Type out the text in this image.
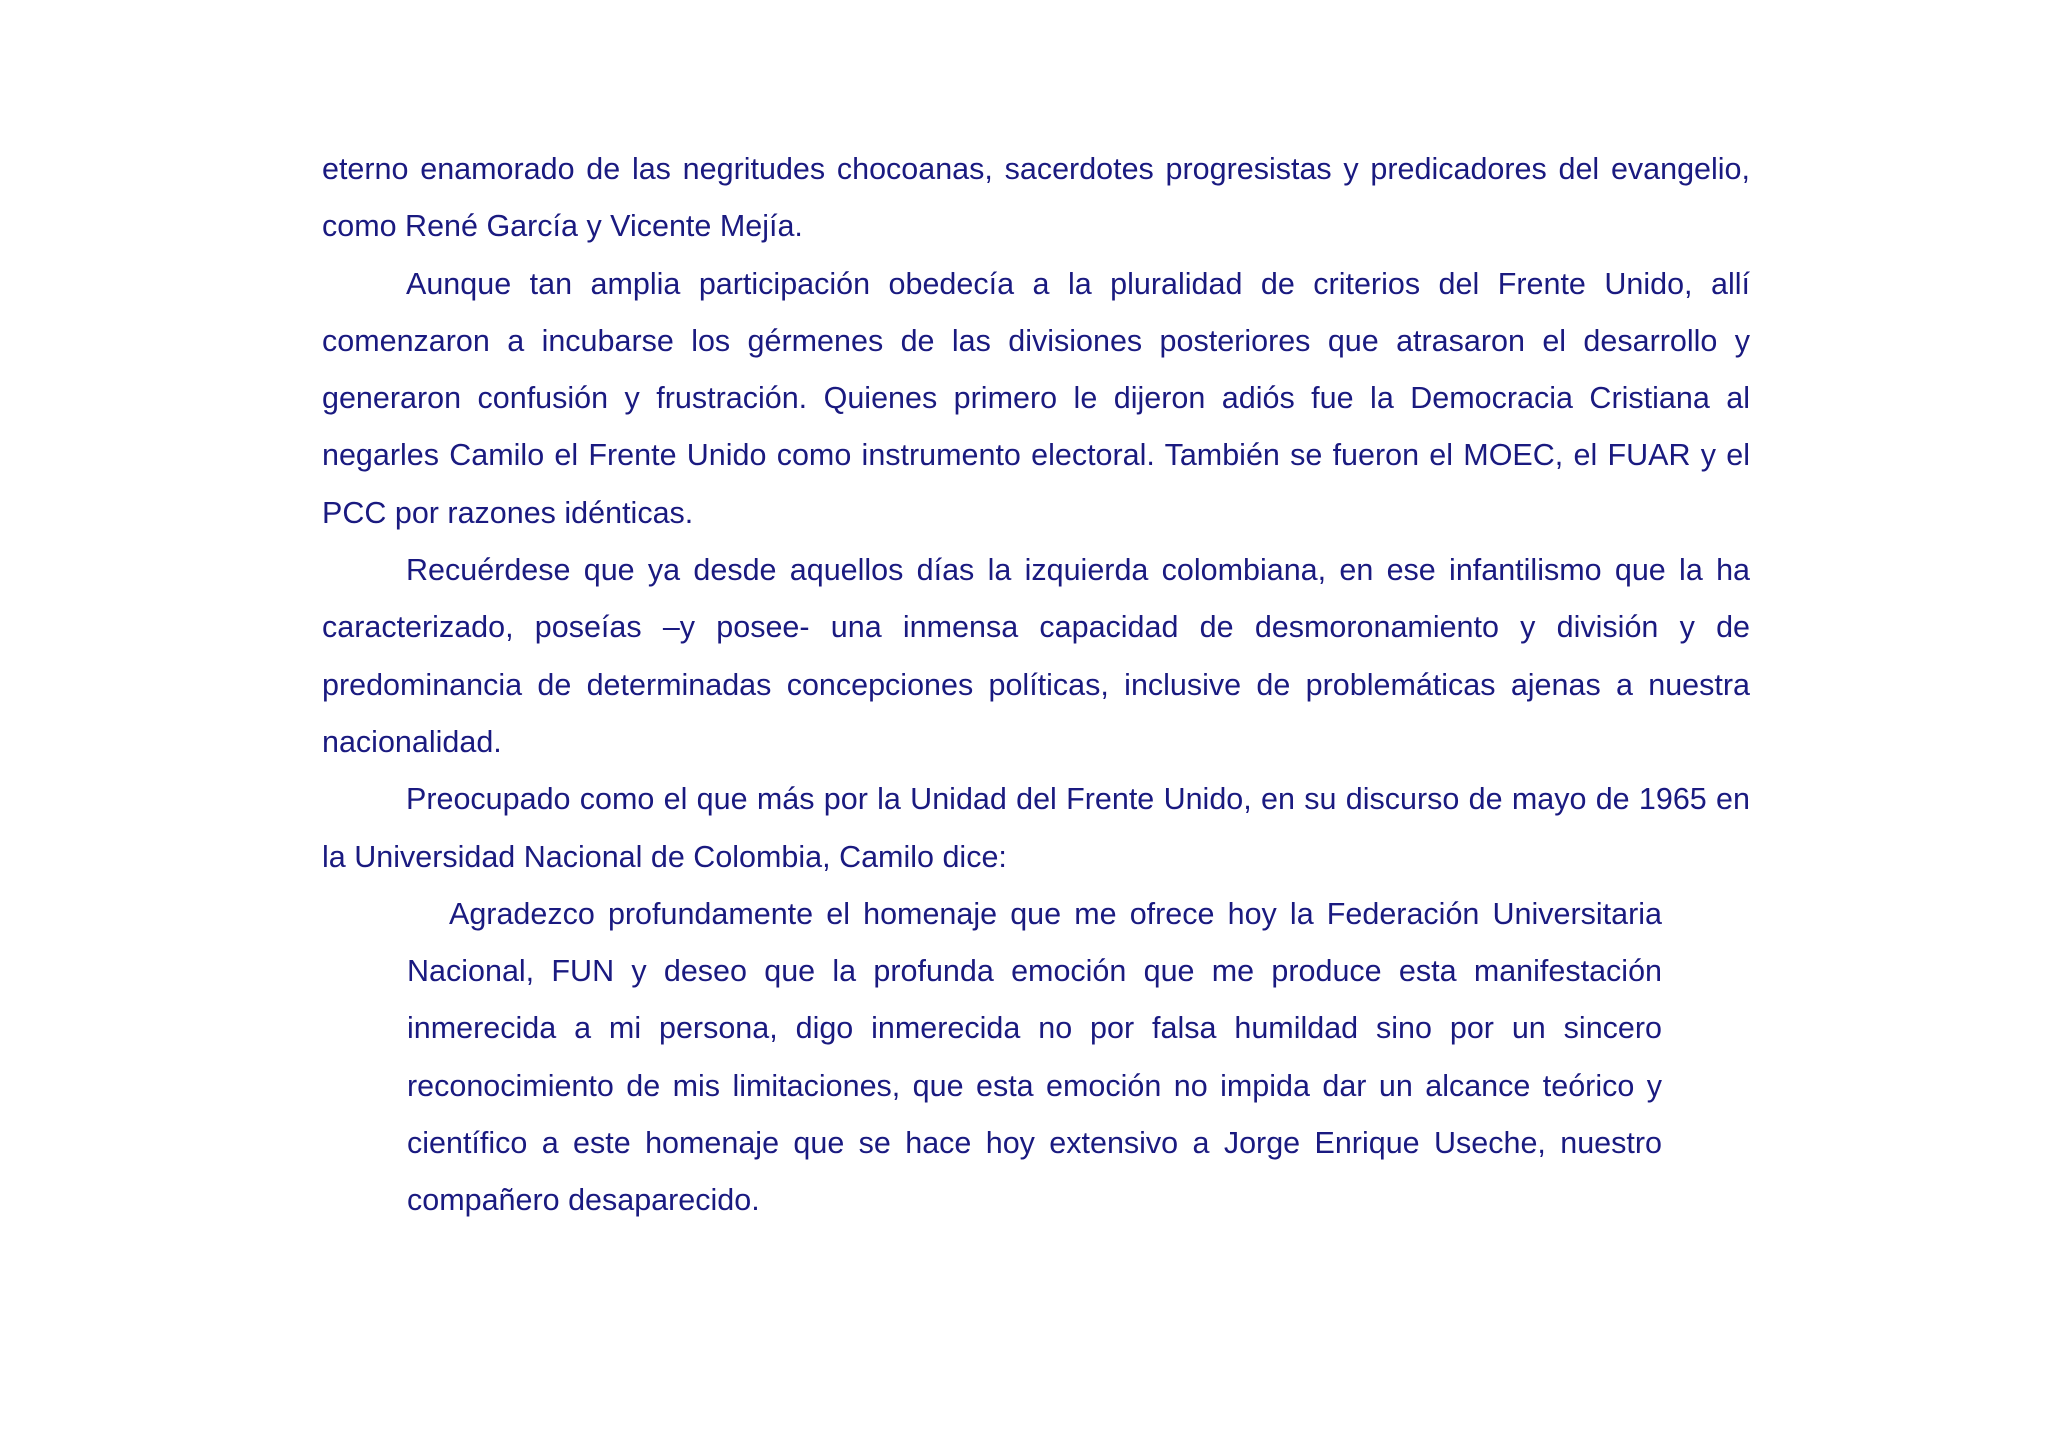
eterno enamorado de las negritudes chocoanas, sacerdotes progresistas y predicadores del evangelio, como René García y Vicente Mejía.

Aunque tan amplia participación obedecía a la pluralidad de criterios del Frente Unido, allí comenzaron a incubarse los gérmenes de las divisiones posteriores que atrasaron el desarrollo y generaron confusión y frustración. Quienes primero le dijeron adiós fue la Democracia Cristiana al negarles Camilo el Frente Unido como instrumento electoral. También se fueron el MOEC, el FUAR y el PCC por razones idénticas.

Recuérdese que ya desde aquellos días la izquierda colombiana, en ese infantilismo que la ha caracterizado, poseías –y posee- una inmensa capacidad de desmoronamiento y división y de predominancia de determinadas concepciones políticas, inclusive de problemáticas ajenas a nuestra nacionalidad.

Preocupado como el que más por la Unidad del Frente Unido, en su discurso de mayo de 1965 en la Universidad Nacional de Colombia, Camilo dice:

Agradezco profundamente el homenaje que me ofrece hoy la Federación Universitaria Nacional, FUN y deseo que la profunda emoción que me produce esta manifestación inmerecida a mi persona, digo inmerecida no por falsa humildad sino por un sincero reconocimiento de mis limitaciones, que esta emoción no impida dar un alcance teórico y científico a este homenaje que se hace hoy extensivo a Jorge Enrique Useche, nuestro compañero desaparecido.
